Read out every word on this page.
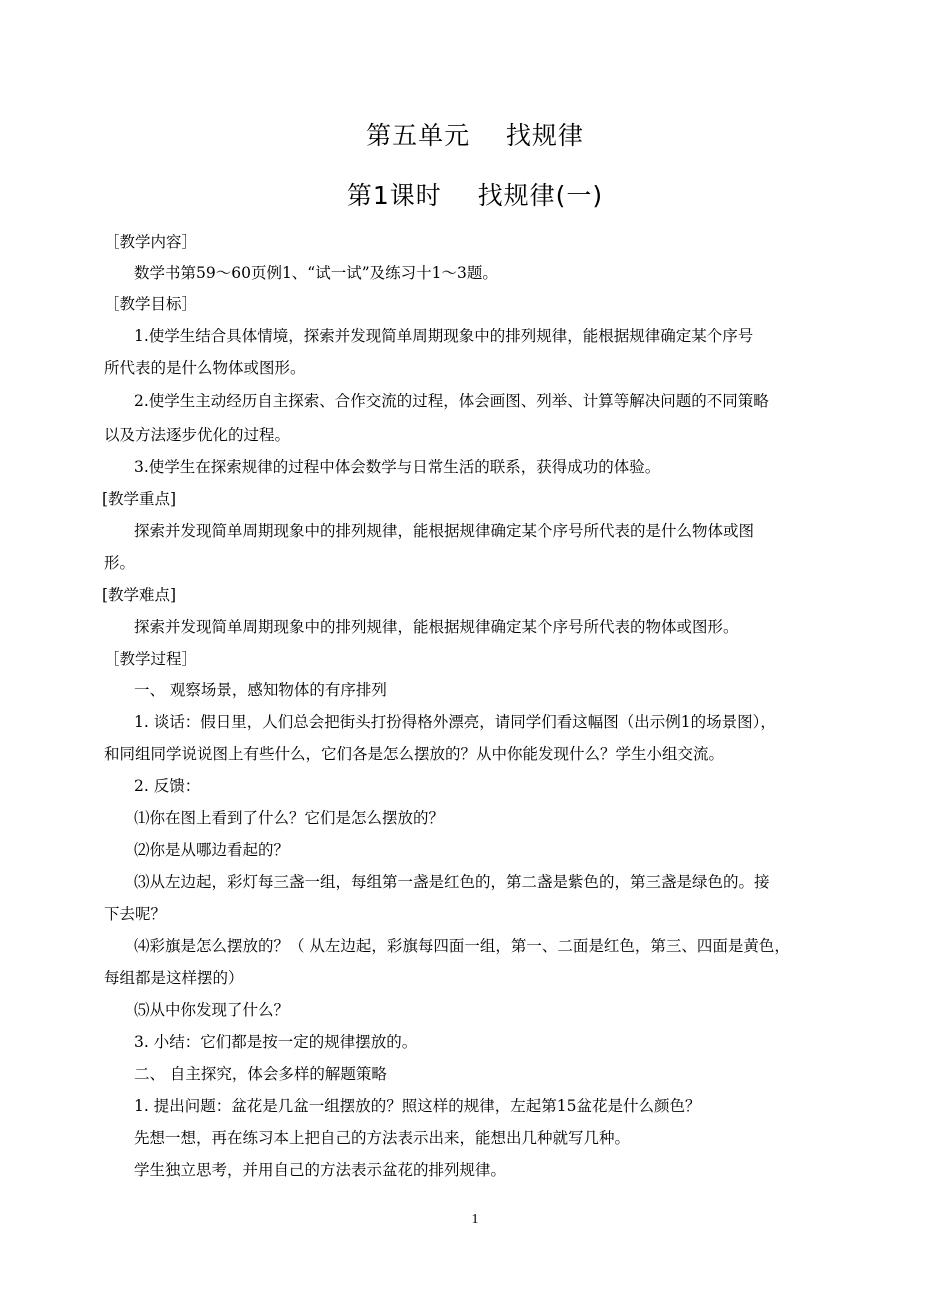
第五单元    找规律
第1课时    找规律(一)
［教学内容］
数学书第59～60页例1、“试一试”及练习十1～3题。
［教学目标］
1.使学生结合具体情境，探索并发现简单周期现象中的排列规律，能根据规律确定某个序号
所代表的是什么物体或图形。
2.使学生主动经历自主探索、合作交流的过程，体会画图、列举、计算等解决问题的不同策略
以及方法逐步优化的过程。
3.使学生在探索规律的过程中体会数学与日常生活的联系，获得成功的体验。
[教学重点]
探索并发现简单周期现象中的排列规律，能根据规律确定某个序号所代表的是什么物体或图
形。
[教学难点]
探索并发现简单周期现象中的排列规律，能根据规律确定某个序号所代表的物体或图形。
［教学过程］
一、 观察场景，感知物体的有序排列
1. 谈话：假日里，人们总会把街头打扮得格外漂亮，请同学们看这幅图（出示例1的场景图），
和同组同学说说图上有些什么，它们各是怎么摆放的？从中你能发现什么？学生小组交流。
2. 反馈：
⑴你在图上看到了什么？它们是怎么摆放的？
⑵你是从哪边看起的？
⑶从左边起，彩灯每三盏一组，每组第一盏是红色的，第二盏是紫色的，第三盏是绿色的。接
下去呢？
⑷彩旗是怎么摆放的？（ 从左边起，彩旗每四面一组，第一、二面是红色，第三、四面是黄色，
每组都是这样摆的）
⑸从中你发现了什么？
3. 小结：它们都是按一定的规律摆放的。
二、 自主探究，体会多样的解题策略
1. 提出问题：盆花是几盆一组摆放的？照这样的规律，左起第15盆花是什么颜色？
先想一想，再在练习本上把自己的方法表示出来，能想出几种就写几种。
学生独立思考，并用自己的方法表示盆花的排列规律。
1
